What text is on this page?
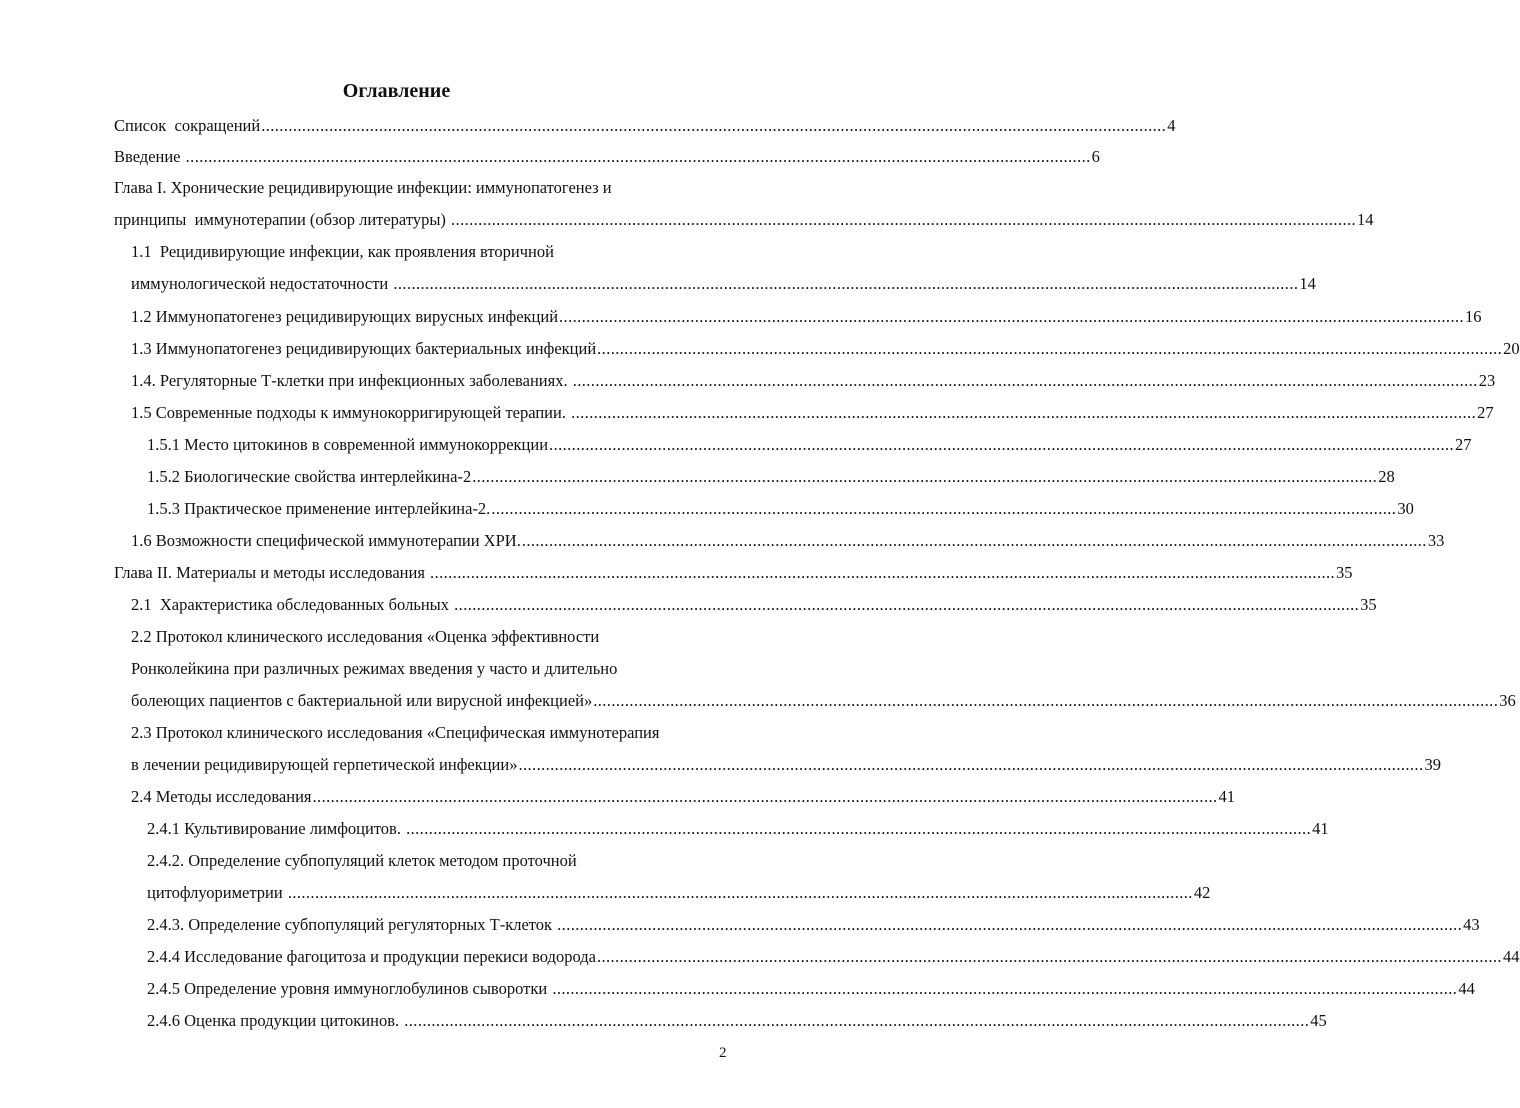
Оглавление
Список  сокращений ........................................................................................................................................................................................................ 4
Введение ........................................................................................................................................................................................................ 6
Глава I. Хронические рецидивирующие инфекции: иммунопатогенез и
принципы  иммунотерапии (обзор литературы) ........................................................................................................................................................................................................ 14
1.1  Рецидивирующие инфекции, как проявления вторичной
иммунологической недостаточности ........................................................................................................................................................................................................ 14
1.2 Иммунопатогенез рецидивирующих вирусных инфекций ........................................................................................................................................................................................................ 16
1.3 Иммунопатогенез рецидивирующих бактериальных инфекций ........................................................................................................................................................................................................ 20
1.4. Регуляторные Т-клетки при инфекционных заболеваниях. ........................................................................................................................................................................................................ 23
1.5 Современные подходы к иммунокорригирующей терапии. ........................................................................................................................................................................................................ 27
1.5.1 Место цитокинов в современной иммунокоррекции ........................................................................................................................................................................................................ 27
1.5.2 Биологические свойства интерлейкина-2 ........................................................................................................................................................................................................ 28
1.5.3 Практическое применение интерлейкина-2. ........................................................................................................................................................................................................ 30
1.6 Возможности специфической иммунотерапии ХРИ. ........................................................................................................................................................................................................ 33
Глава II. Материалы и методы исследования ........................................................................................................................................................................................................ 35
2.1  Характеристика обследованных больных ........................................................................................................................................................................................................ 35
2.2 Протокол клинического исследования «Оценка эффективности
Ронколейкина при различных режимах введения у часто и длительно
болеющих пациентов с бактериальной или вирусной инфекцией» ........................................................................................................................................................................................................ 36
2.3 Протокол клинического исследования «Специфическая иммунотерапия
в лечении рецидивирующей герпетической инфекции» ........................................................................................................................................................................................................ 39
2.4 Методы исследования ........................................................................................................................................................................................................ 41
2.4.1 Культивирование лимфоцитов. ........................................................................................................................................................................................................ 41
2.4.2. Определение субпопуляций клеток методом проточной
цитофлуориметрии ........................................................................................................................................................................................................ 42
2.4.3. Определение субпопуляций регуляторных Т-клеток ........................................................................................................................................................................................................ 43
2.4.4 Исследование фагоцитоза и продукции перекиси водорода ........................................................................................................................................................................................................ 44
2.4.5 Определение уровня иммуноглобулинов сыворотки ........................................................................................................................................................................................................ 44
2.4.6 Оценка продукции цитокинов. ........................................................................................................................................................................................................ 45
2
